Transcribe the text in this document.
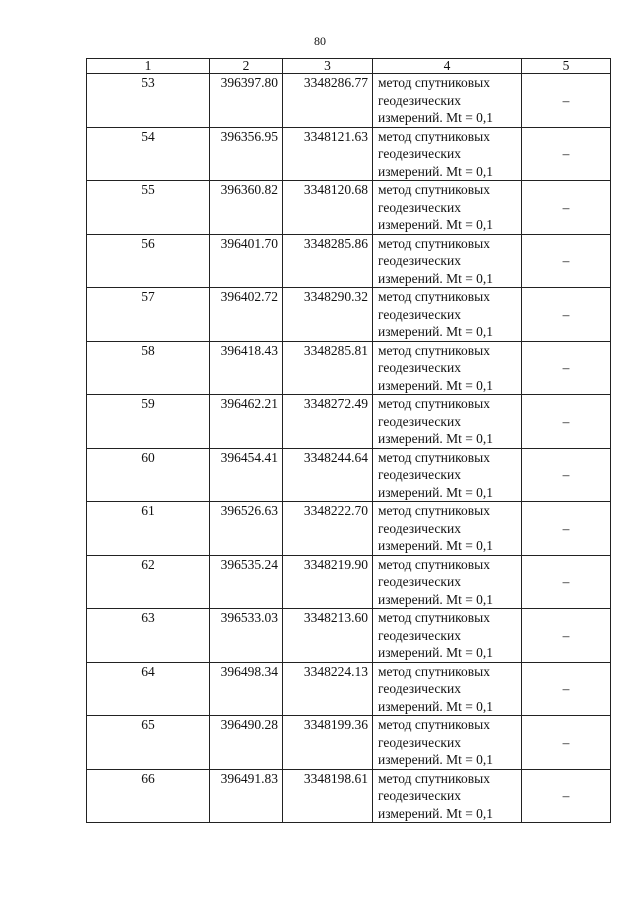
80
1	2	3	4	5
53	396397.80	3348286.77	метод спутниковых
геодезических
измерений. Mt = 0,1	–
54	396356.95	3348121.63	метод спутниковых
геодезических
измерений. Mt = 0,1	–
55	396360.82	3348120.68	метод спутниковых
геодезических
измерений. Mt = 0,1	–
56	396401.70	3348285.86	метод спутниковых
геодезических
измерений. Mt = 0,1	–
57	396402.72	3348290.32	метод спутниковых
геодезических
измерений. Mt = 0,1	–
58	396418.43	3348285.81	метод спутниковых
геодезических
измерений. Mt = 0,1	–
59	396462.21	3348272.49	метод спутниковых
геодезических
измерений. Mt = 0,1	–
60	396454.41	3348244.64	метод спутниковых
геодезических
измерений. Mt = 0,1	–
61	396526.63	3348222.70	метод спутниковых
геодезических
измерений. Mt = 0,1	–
62	396535.24	3348219.90	метод спутниковых
геодезических
измерений. Mt = 0,1	–
63	396533.03	3348213.60	метод спутниковых
геодезических
измерений. Mt = 0,1	–
64	396498.34	3348224.13	метод спутниковых
геодезических
измерений. Mt = 0,1	–
65	396490.28	3348199.36	метод спутниковых
геодезических
измерений. Mt = 0,1	–
66	396491.83	3348198.61	метод спутниковых
геодезических
измерений. Mt = 0,1	–
